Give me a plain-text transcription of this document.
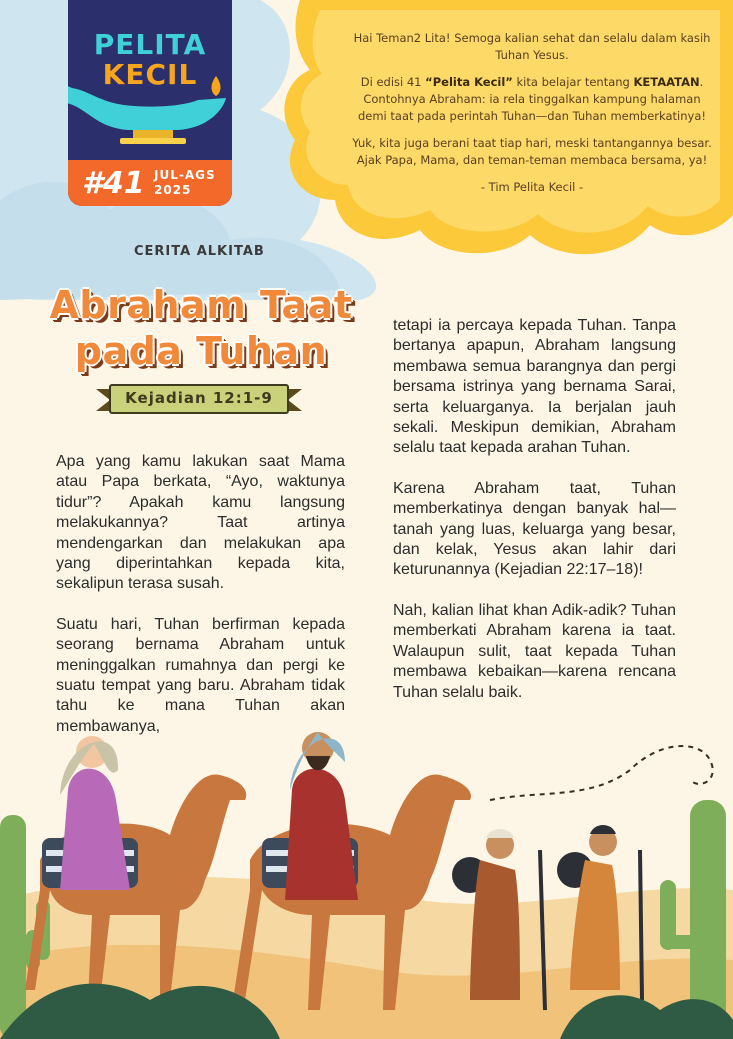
PELITA
KECIL
#41 JUL-AGS
2025

Hai Teman2 Lita! Semoga kalian sehat dan selalu dalam kasih Tuhan Yesus.

Di edisi 41 “Pelita Kecil” kita belajar tentang KETAATAN. Contohnya Abraham: ia rela tinggalkan kampung halaman demi taat pada perintah Tuhan—dan Tuhan memberkatinya!

Yuk, kita juga berani taat tiap hari, meski tantangannya besar. Ajak Papa, Mama, dan teman-teman membaca bersama, ya!

- Tim Pelita Kecil -

CERITA ALKITAB
Abraham Taat
pada Tuhan
Kejadian 12:1-9

Apa yang kamu lakukan saat Mama atau Papa berkata, “Ayo, waktunya tidur”? Apakah kamu langsung melakukannya? Taat artinya mendengarkan dan melakukan apa yang diperintahkan kepada kita, sekalipun terasa susah.

Suatu hari, Tuhan berfirman kepada seorang bernama Abraham untuk meninggalkan rumahnya dan pergi ke suatu tempat yang baru. Abraham tidak tahu ke mana Tuhan akan membawanya,

tetapi ia percaya kepada Tuhan. Tanpa bertanya apapun, Abraham langsung membawa semua barangnya dan pergi bersama istrinya yang bernama Sarai, serta keluarganya. Ia berjalan jauh sekali. Meskipun demikian, Abraham selalu taat kepada arahan Tuhan.

Karena Abraham taat, Tuhan memberkatinya dengan banyak hal—tanah yang luas, keluarga yang besar, dan kelak, Yesus akan lahir dari keturunannya (Kejadian 22:17–18)!

Nah, kalian lihat khan Adik-adik? Tuhan memberkati Abraham karena ia taat. Walaupun sulit, taat kepada Tuhan membawa kebaikan—karena rencana Tuhan selalu baik.
